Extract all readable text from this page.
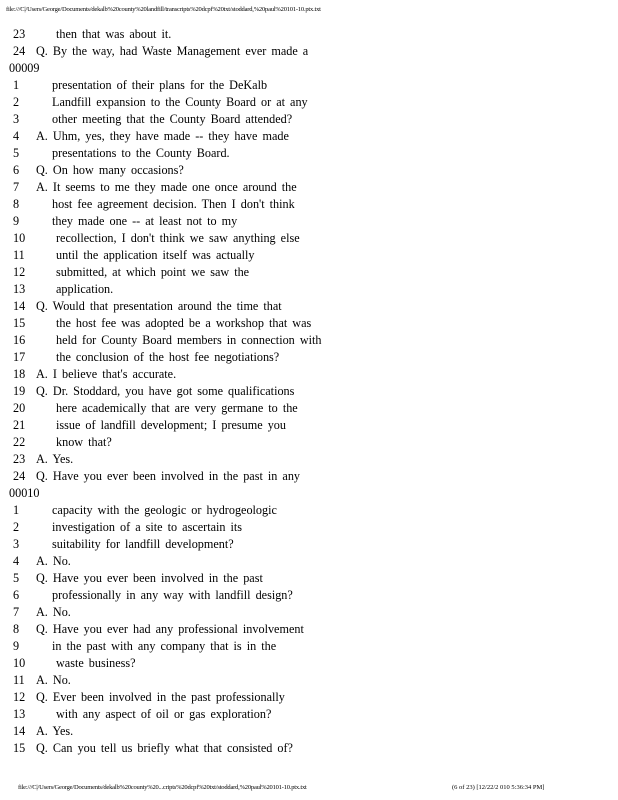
file:///C|/Users/George/Documents/dekalb%20county%20landfill/transcripts%20dcpf%20txt/stoddard,%20paul%20101-10.ptx.txt
23	then that was about it.
24 Q. By the way, had Waste Management ever made a
00009
1	presentation of their plans for the DeKalb
2	Landfill expansion to the County Board or at any
3	other meeting that the County Board attended?
4	A. Uhm, yes, they have made -- they have made
5	presentations to the County Board.
6	Q. On how many occasions?
7	A. It seems to me they made one once around the
8	host fee agreement decision. Then I don't think
9	they made one -- at least not to my
10	recollection, I don't think we saw anything else
11	until the application itself was actually
12	submitted, at which point we saw the
13	application.
14 Q. Would that presentation around the time that
15	the host fee was adopted be a workshop that was
16	held for County Board members in connection with
17	the conclusion of the host fee negotiations?
18 A. I believe that's accurate.
19 Q. Dr. Stoddard, you have got some qualifications
20	here academically that are very germane to the
21	issue of landfill development; I presume you
22	know that?
23 A. Yes.
24 Q. Have you ever been involved in the past in any
00010
1	capacity with the geologic or hydrogeologic
2	investigation of a site to ascertain its
3	suitability for landfill development?
4	A. No.
5	Q. Have you ever been involved in the past
6	professionally in any way with landfill design?
7	A. No.
8	Q. Have you ever had any professional involvement
9	in the past with any company that is in the
10	waste business?
11 A. No.
12 Q. Ever been involved in the past professionally
13	with any aspect of oil or gas exploration?
14 A. Yes.
15 Q. Can you tell us briefly what that consisted of?
file:///C|/Users/George/Documents/dekalb%20county%20...cripts%20dcpf%20txt/stoddard,%20paul%20101-10.ptx.txt	(6 of 23) [12/22/2 010 5:36:34 PM]
